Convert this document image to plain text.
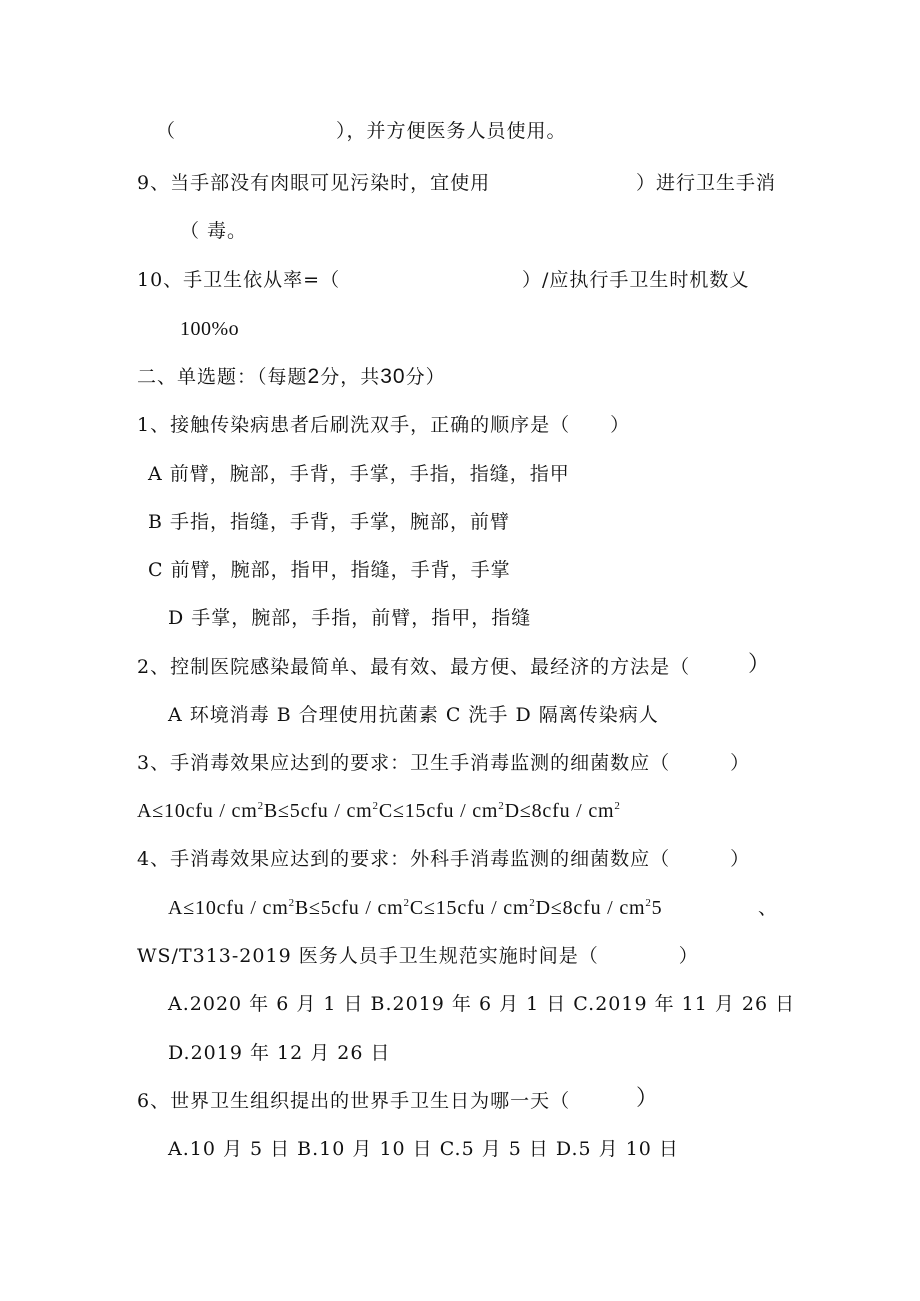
（　　　　　　　　），并方便医务人员使用。
9、当手部没有肉眼可见污染时，宜使用	）进行卫生手消
（ 毒。
10、手卫生依从率=（	）/应执行手卫生时机数乂
100%o
二、单选题：（每题2分，共30分）
1、接触传染病患者后刷洗双手，正确的顺序是（　　）
A 前臂，腕部，手背，手掌，手指，指缝，指甲
B 手指，指缝，手背，手掌，腕部，前臂
C 前臂，腕部，指甲，指缝，手背，手掌
D 手掌，腕部，手指，前臂，指甲，指缝
2、控制医院感染最简单、最有效、最方便、最经济的方法是（	）
A 环境消毒 B 合理使用抗菌素 C 洗手 D 隔离传染病人
3、手消毒效果应达到的要求：卫生手消毒监测的细菌数应（　　　）
$A\le 10cfu / cm^2B\le 5cfu / cm^2C\le 15cfu / cm^2D\le 8cfu / cm^2$
4、手消毒效果应达到的要求：外科手消毒监测的细菌数应（　　　）
$A\le 10cfu / cm^2B\le 5cfu / cm^2C\le 15cfu / cm^2D\le 8cfu / cm^25$	、
WS/T313-2019 医务人员手卫生规范实施时间是（　　　　）
A.2020 年 6 月 1 日 B.2019 年 6 月 1 日 C.2019 年 11 月 26 日
D.2019 年 12 月 26 日
6、世界卫生组织提出的世界手卫生日为哪一天（	）
A.10 月 5 日 B.10 月 10 日 C.5 月 5 日 D.5 月 10 日
